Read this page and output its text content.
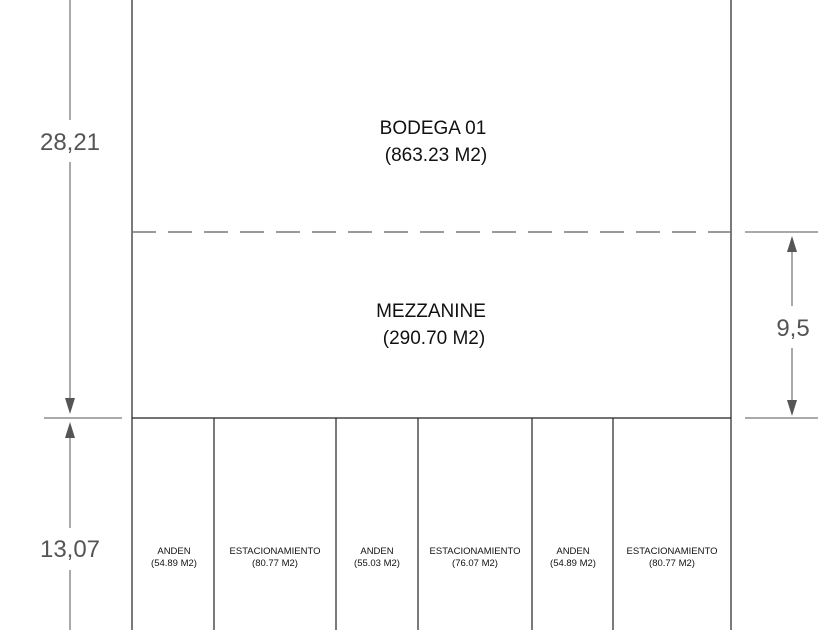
BODEGA 01
(863.23 M2)
MEZZANINE
(290.70 M2)
ANDEN
(54.89 M2)
ESTACIONAMIENTO
(80.77 M2)
ANDEN
(55.03 M2)
ESTACIONAMIENTO
(76.07 M2)
ANDEN
(54.89 M2)
ESTACIONAMIENTO
(80.77 M2)
28,21
13,07
9,5
